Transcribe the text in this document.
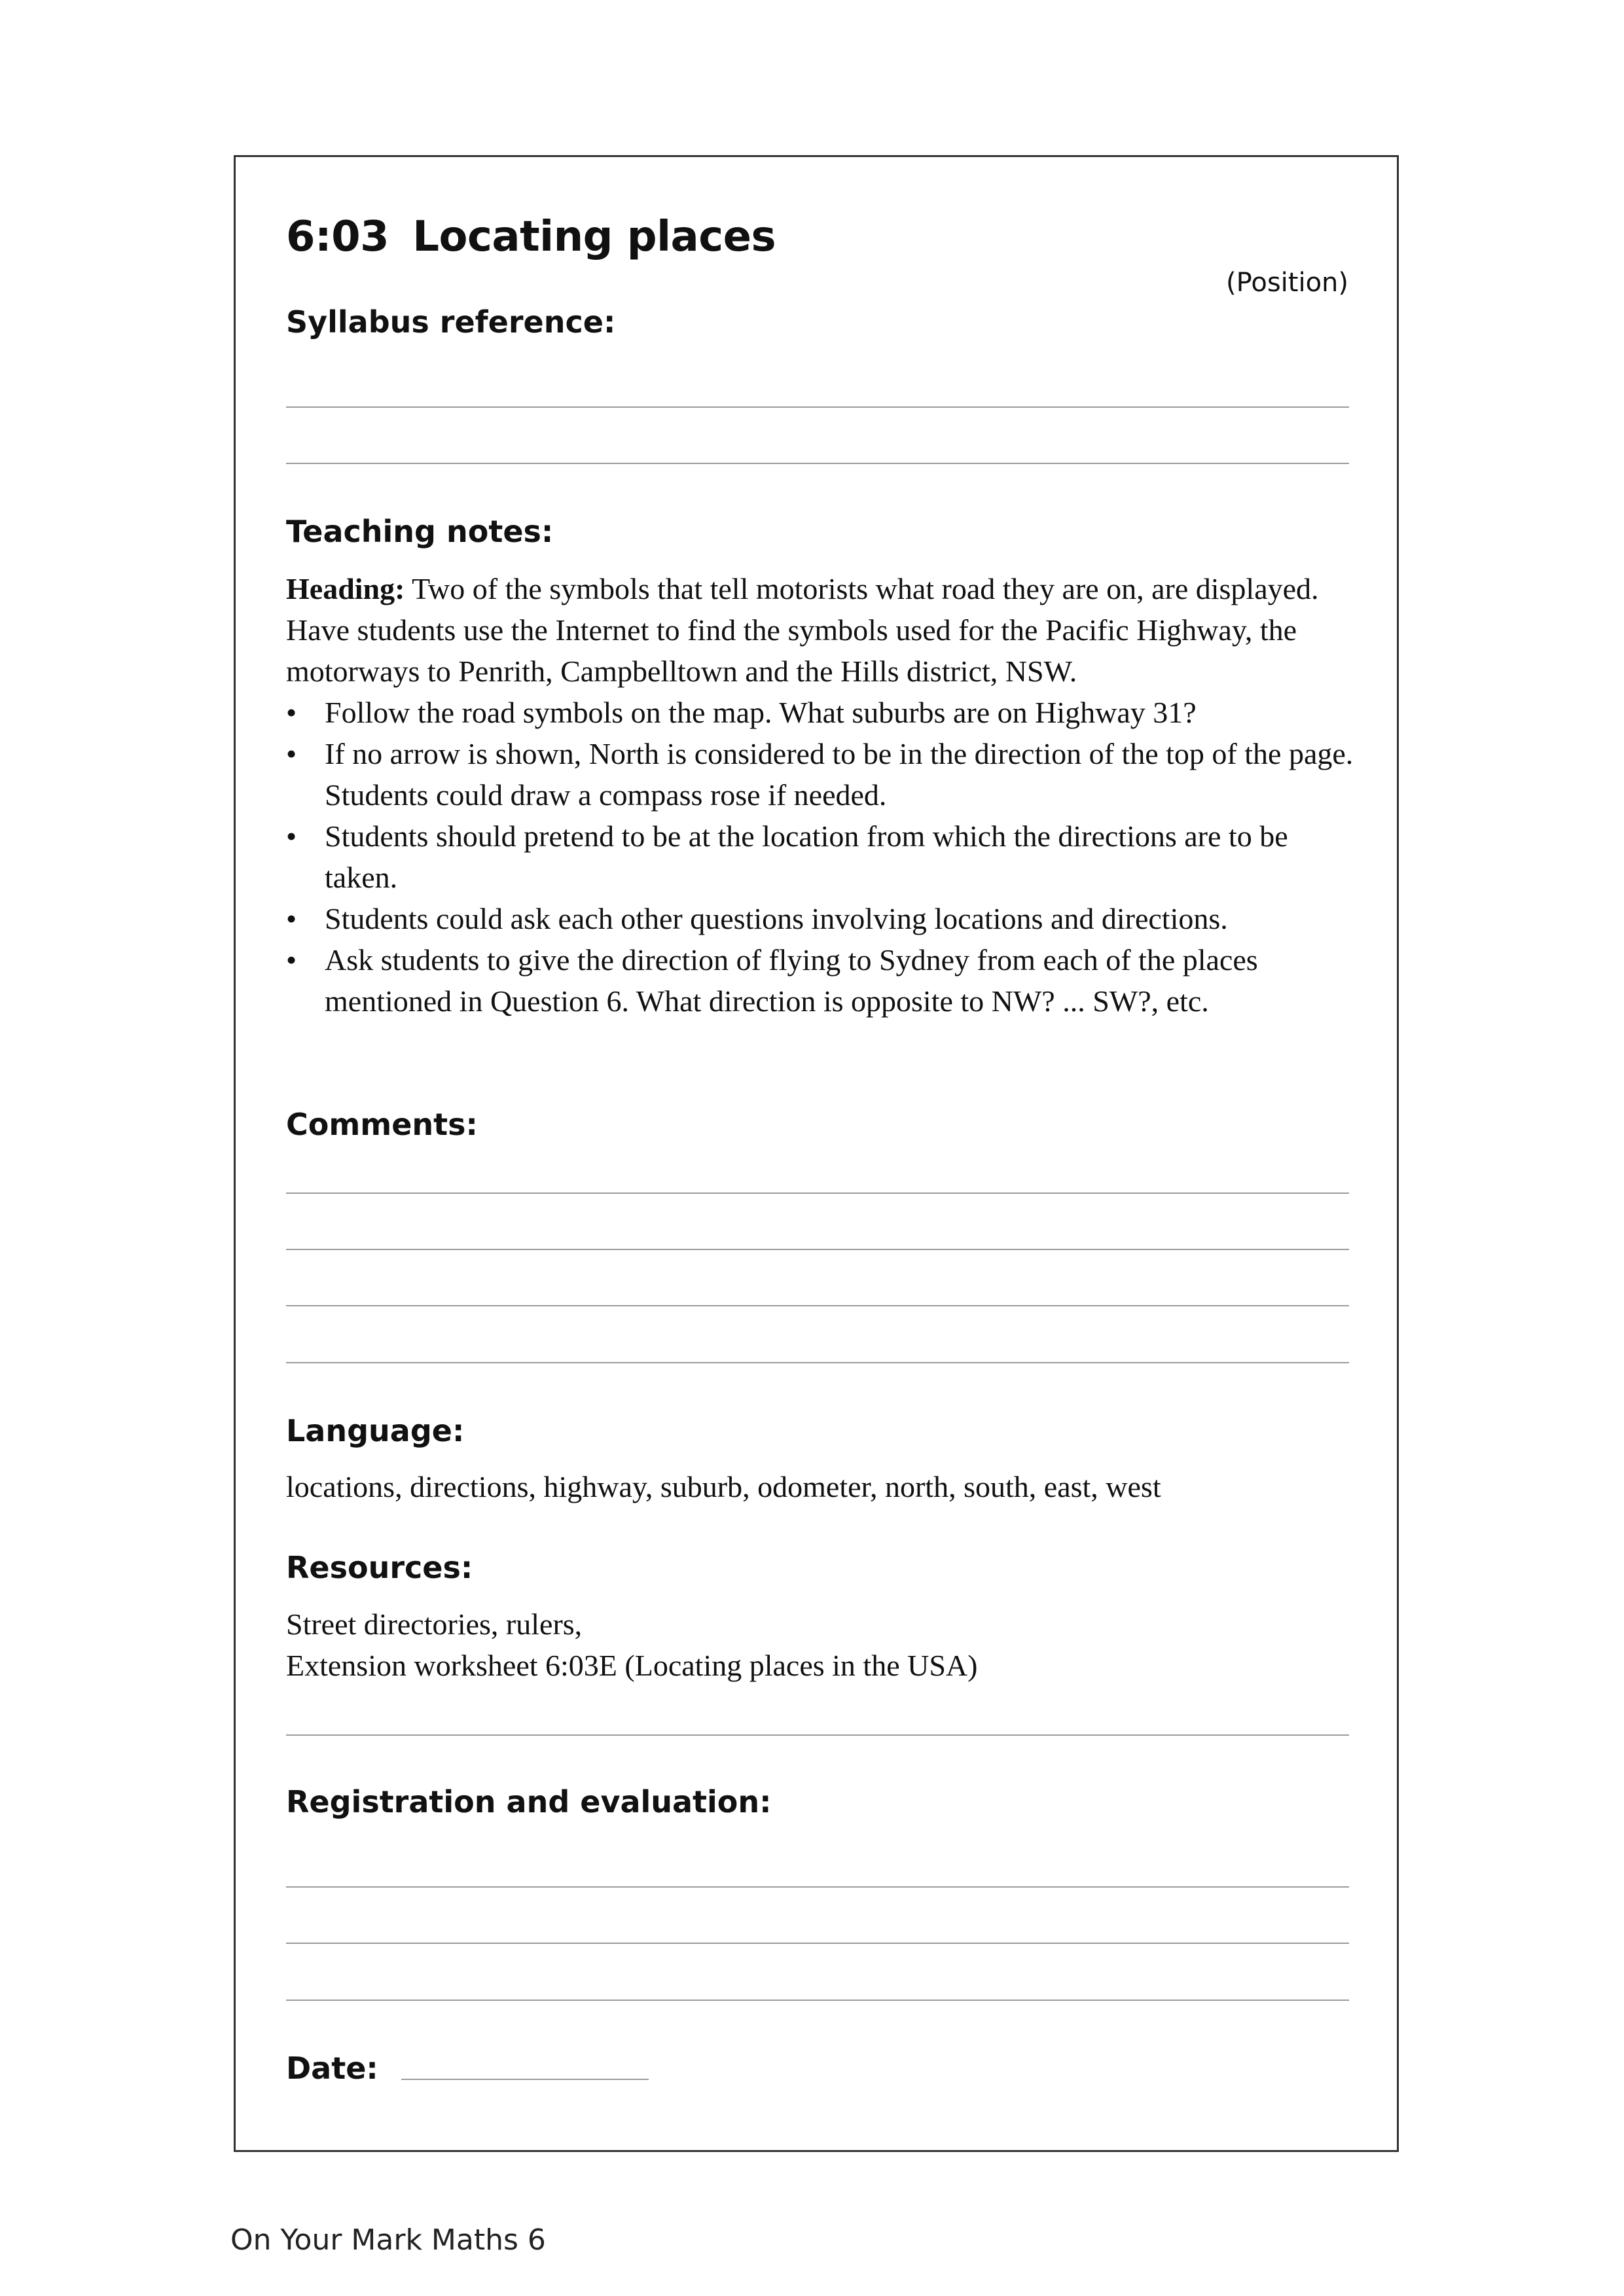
6:03 Locating places
(Position)
Syllabus reference:
Teaching notes:

Heading: Two of the symbols that tell motorists what road they are on, are displayed. Have students use the Internet to find the symbols used for the Pacific Highway, the motorways to Penrith, Campbelltown and the Hills district, NSW.

• Follow the road symbols on the map. What suburbs are on Highway 31?
• If no arrow is shown, North is considered to be in the direction of the top of the page. Students could draw a compass rose if needed.
• Students should pretend to be at the location from which the directions are to be taken.
• Students could ask each other questions involving locations and directions.
• Ask students to give the direction of flying to Sydney from each of the places mentioned in Question 6. What direction is opposite to NW? ... SW?, etc.
Comments:
Language:
locations, directions, highway, suburb, odometer, north, south, east, west
Resources:
Street directories, rulers,
Extension worksheet 6:03E (Locating places in the USA)
Registration and evaluation:
Date:
On Your Mark Maths 6
